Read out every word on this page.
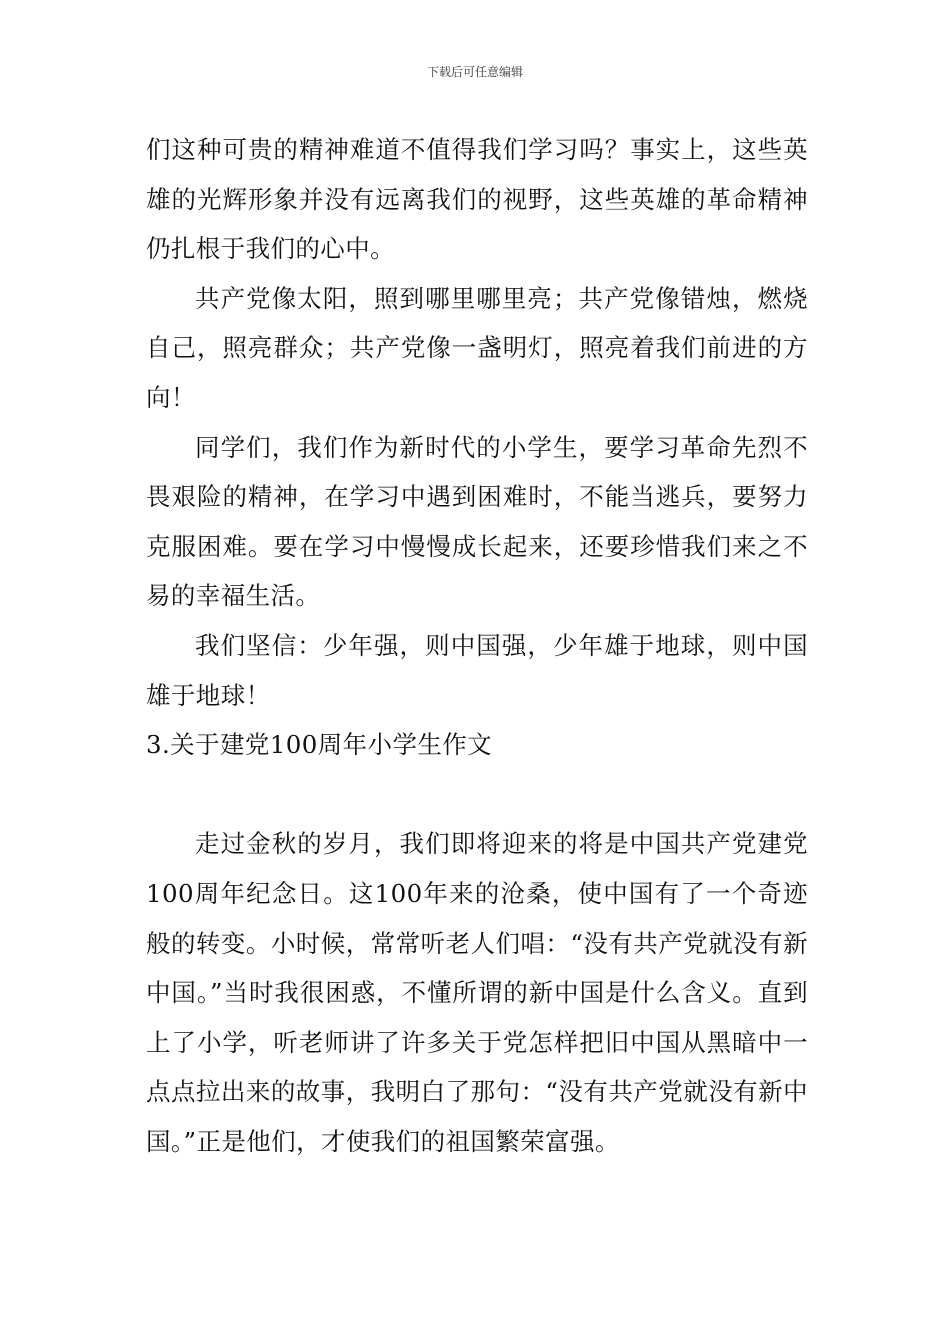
下载后可任意编辑

们这种可贵的精神难道不值得我们学习吗？事实上，这些英雄的光辉形象并没有远离我们的视野，这些英雄的革命精神仍扎根于我们的心中。

共产党像太阳，照到哪里哪里亮；共产党像错烛，燃烧自己，照亮群众；共产党像一盏明灯，照亮着我们前进的方向！

同学们，我们作为新时代的小学生，要学习革命先烈不畏艰险的精神，在学习中遇到困难时，不能当逃兵，要努力克服困难。要在学习中慢慢成长起来，还要珍惜我们来之不易的幸福生活。

我们坚信：少年强，则中国强，少年雄于地球，则中国雄于地球！

3.关于建党100周年小学生作文

走过金秋的岁月，我们即将迎来的将是中国共产党建党100周年纪念日。这100年来的沧桑，使中国有了一个奇迹般的转变。小时候，常常听老人们唱：“没有共产党就没有新中国。”当时我很困惑，不懂所谓的新中国是什么含义。直到上了小学，听老师讲了许多关于党怎样把旧中国从黑暗中一点点拉出来的故事，我明白了那句：“没有共产党就没有新中国。”正是他们，才使我们的祖国繁荣富强。
